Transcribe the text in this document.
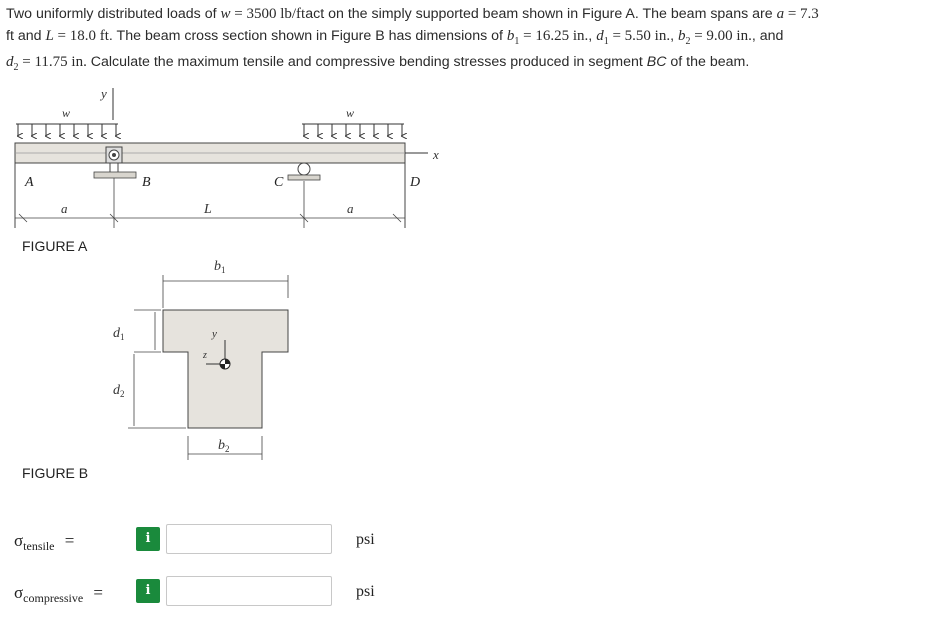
Two uniformly distributed loads of w = 3500 lb/ftact on the simply supported beam shown in Figure A. The beam spans are a = 7.3
ft and L = 18.0 ft. The beam cross section shown in Figure B has dimensions of $b_1 = 16.25$ in., $d_1 = 5.50$ in., $b_2 = 9.00$ in., and
$d_2 = 11.75$ in. Calculate the maximum tensile and compressive bending stresses produced in segment BC of the beam.
y
w	w
x
A	B	C	D
a	L	a
$b_1$
$b_2$
$d_1$
$d_2$
y
z
FIGURE A
FIGURE B
$\sigma_{tensile}$ =	i	psi
$\sigma_{compressive}$ =	i	psi
